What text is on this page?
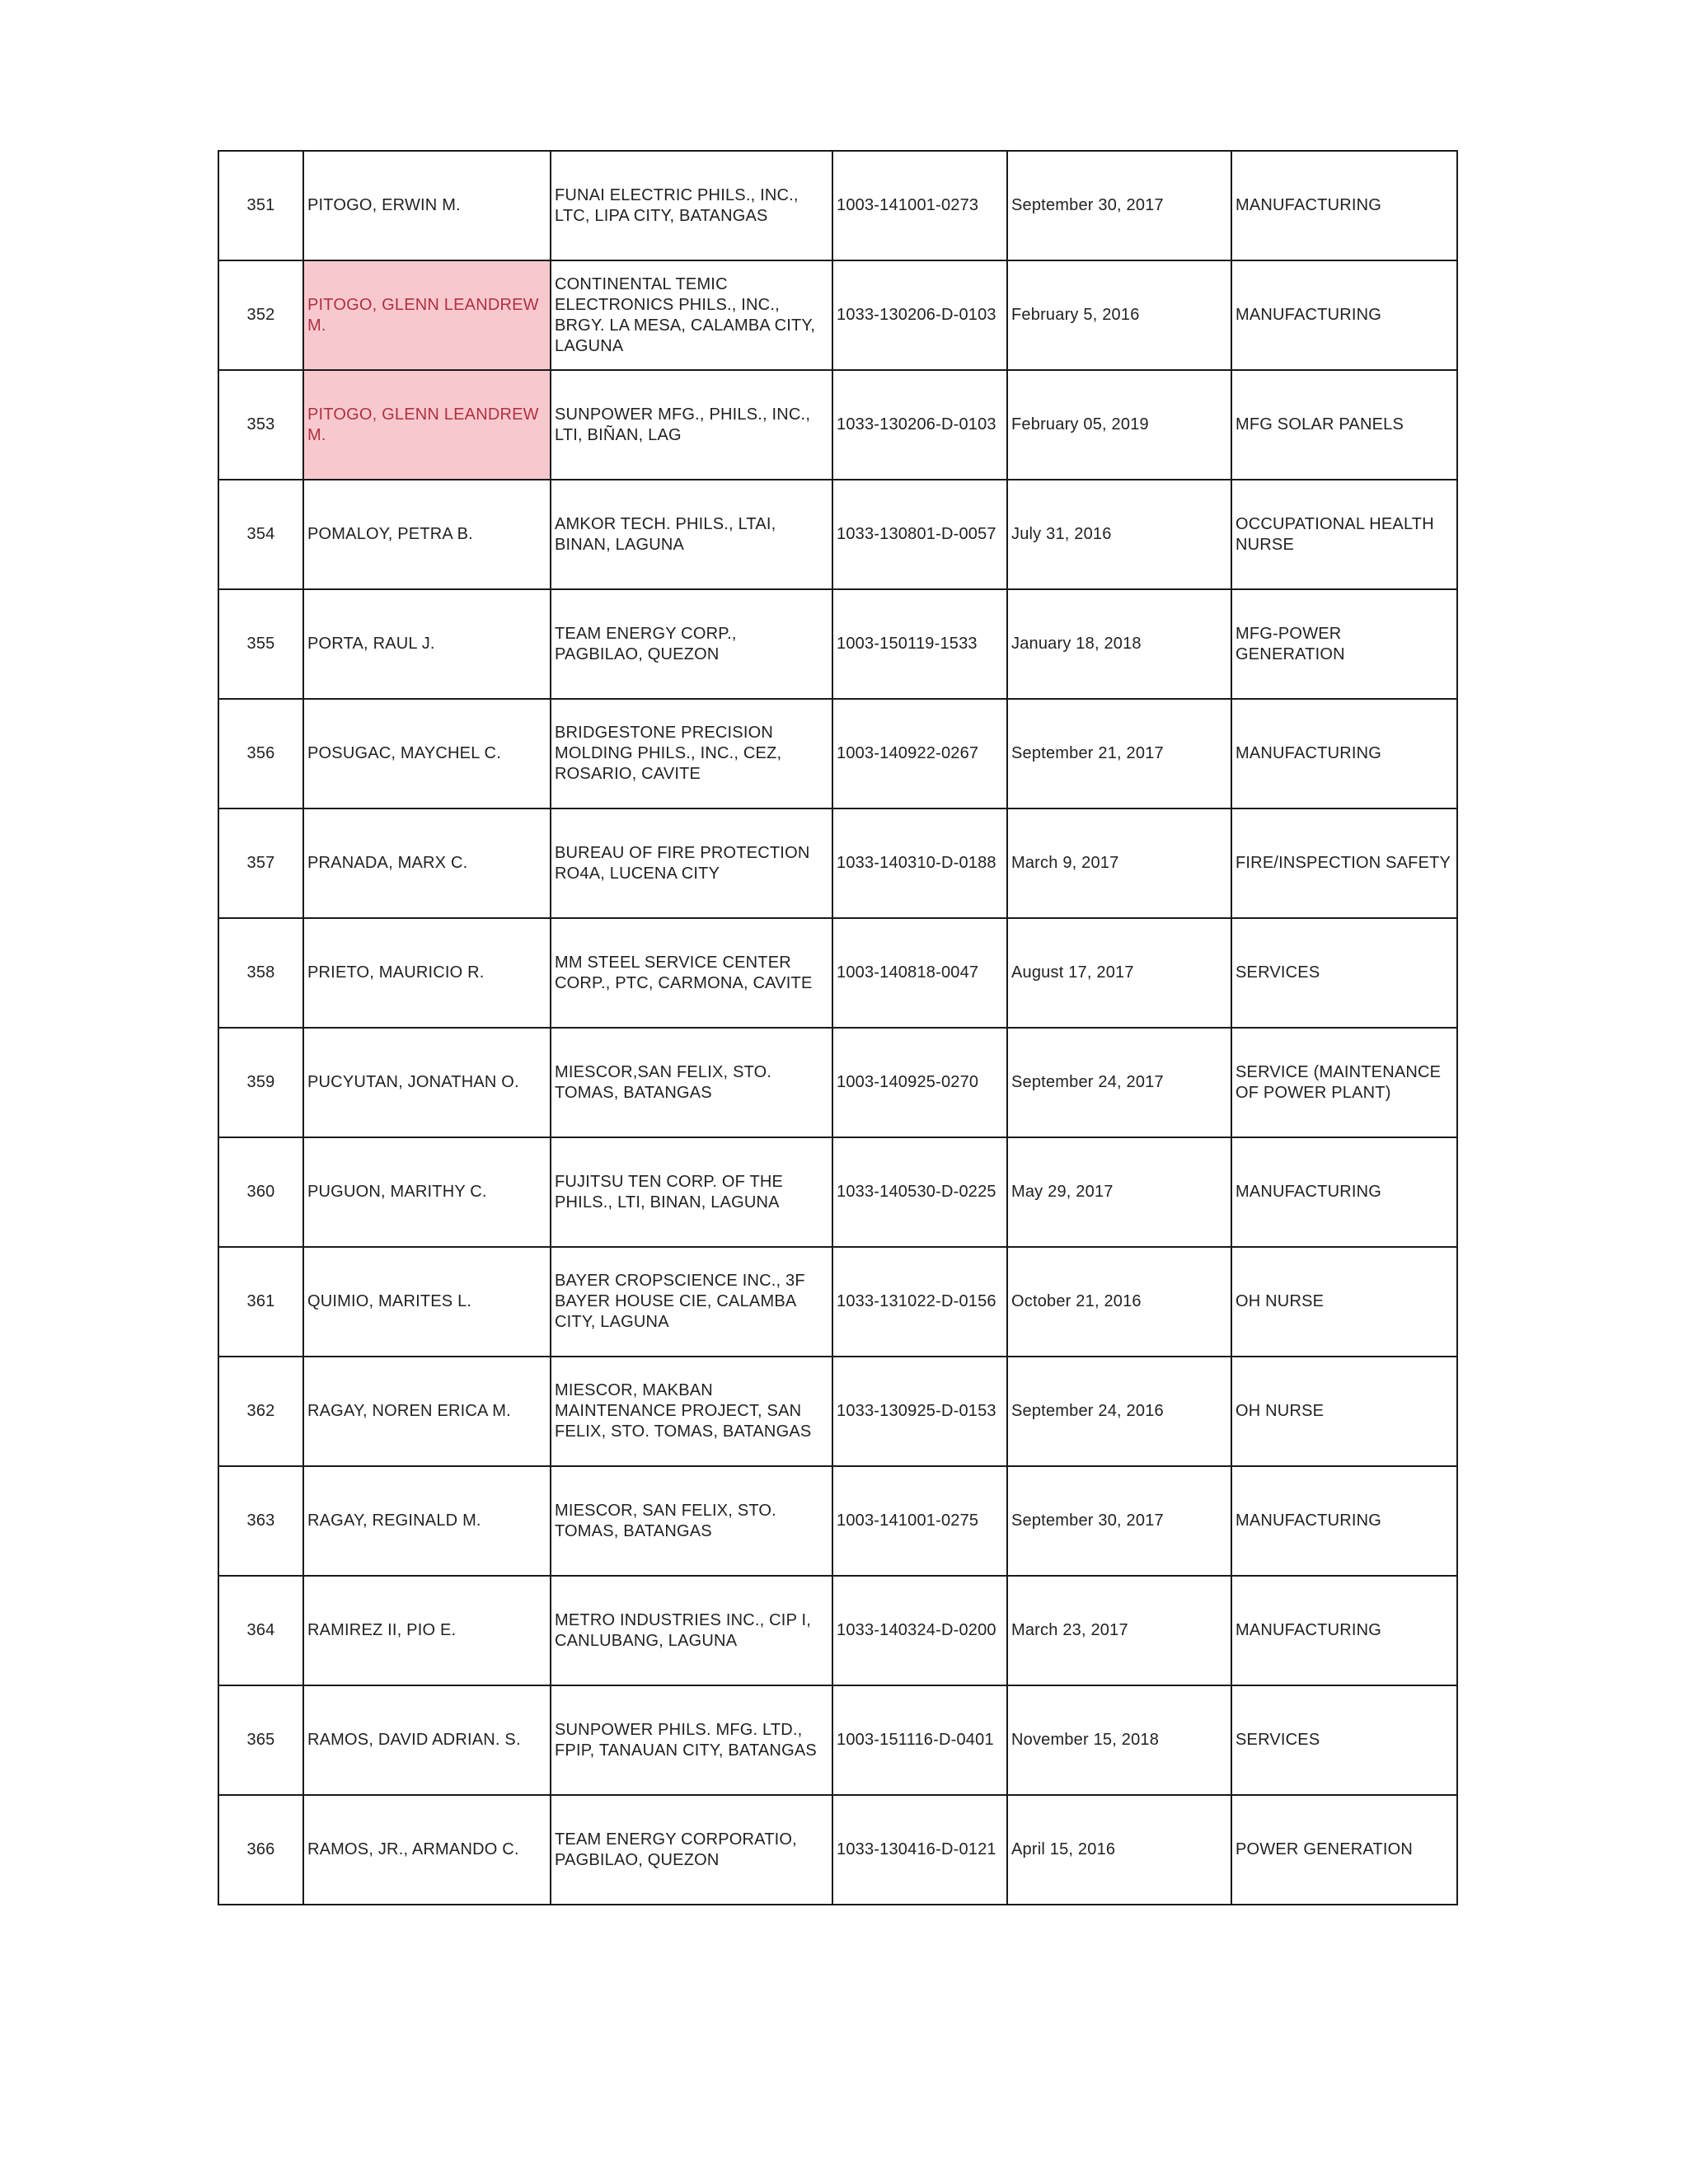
351	PITOGO, ERWIN M.	FUNAI ELECTRIC PHILS., INC., LTC, LIPA CITY, BATANGAS	1003-141001-0273	September 30, 2017	MANUFACTURING
352	PITOGO, GLENN LEANDREW M.	CONTINENTAL TEMIC ELECTRONICS PHILS., INC., BRGY. LA MESA, CALAMBA CITY, LAGUNA	1033-130206-D-0103	February 5, 2016	MANUFACTURING
353	PITOGO, GLENN LEANDREW M.	SUNPOWER MFG., PHILS., INC., LTI, BIÑAN, LAG	1033-130206-D-0103	February 05, 2019	MFG SOLAR PANELS
354	POMALOY, PETRA B.	AMKOR TECH. PHILS., LTAI, BINAN, LAGUNA	1033-130801-D-0057	July 31, 2016	OCCUPATIONAL HEALTH NURSE
355	PORTA, RAUL J.	TEAM ENERGY CORP., PAGBILAO, QUEZON	1003-150119-1533	January 18, 2018	MFG-POWER GENERATION
356	POSUGAC, MAYCHEL C.	BRIDGESTONE PRECISION MOLDING PHILS., INC., CEZ, ROSARIO, CAVITE	1003-140922-0267	September 21, 2017	MANUFACTURING
357	PRANADA, MARX C.	BUREAU OF FIRE PROTECTION RO4A, LUCENA CITY	1033-140310-D-0188	March 9, 2017	FIRE/INSPECTION SAFETY
358	PRIETO, MAURICIO R.	MM STEEL SERVICE CENTER CORP., PTC, CARMONA, CAVITE	1003-140818-0047	August 17, 2017	SERVICES
359	PUCYUTAN, JONATHAN O.	MIESCOR,SAN FELIX, STO. TOMAS, BATANGAS	1003-140925-0270	September 24, 2017	SERVICE (MAINTENANCE OF POWER PLANT)
360	PUGUON, MARITHY C.	FUJITSU TEN CORP. OF THE PHILS., LTI, BINAN, LAGUNA	1033-140530-D-0225	May 29, 2017	MANUFACTURING
361	QUIMIO, MARITES L.	BAYER CROPSCIENCE INC., 3F BAYER HOUSE CIE, CALAMBA CITY, LAGUNA	1033-131022-D-0156	October 21, 2016	OH NURSE
362	RAGAY, NOREN ERICA M.	MIESCOR, MAKBAN MAINTENANCE PROJECT, SAN FELIX, STO. TOMAS, BATANGAS	1033-130925-D-0153	September 24, 2016	OH NURSE
363	RAGAY, REGINALD M.	MIESCOR, SAN FELIX, STO. TOMAS, BATANGAS	1003-141001-0275	September 30, 2017	MANUFACTURING
364	RAMIREZ II, PIO E.	METRO INDUSTRIES INC., CIP I, CANLUBANG, LAGUNA	1033-140324-D-0200	March 23, 2017	MANUFACTURING
365	RAMOS, DAVID ADRIAN. S.	SUNPOWER PHILS. MFG. LTD., FPIP, TANAUAN CITY, BATANGAS	1003-151116-D-0401	November 15, 2018	SERVICES
366	RAMOS, JR., ARMANDO C.	TEAM ENERGY CORPORATIO, PAGBILAO, QUEZON	1033-130416-D-0121	April 15, 2016	POWER GENERATION
